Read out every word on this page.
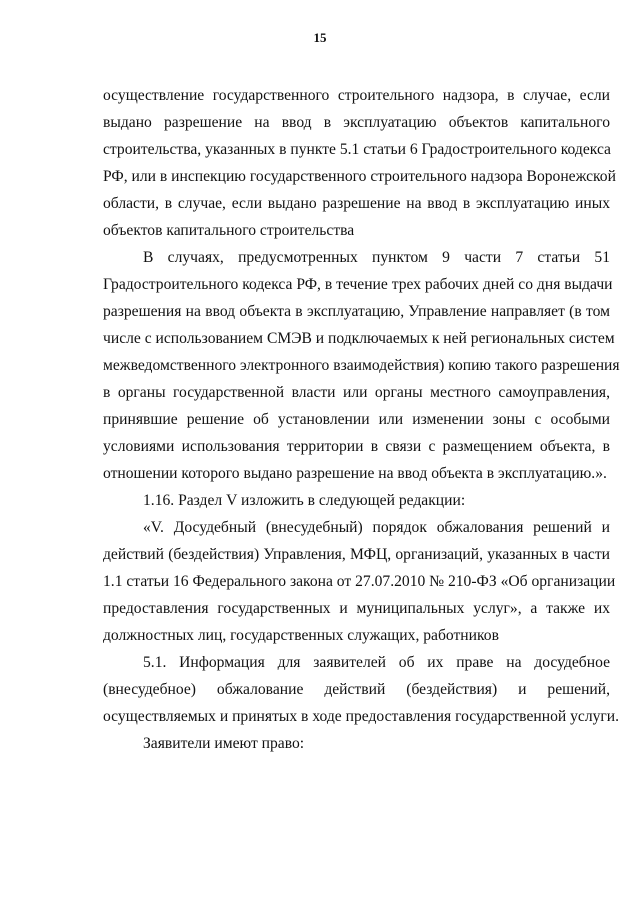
15
осуществление государственного строительного надзора, в случае, если
выдано разрешение на ввод в эксплуатацию объектов капитального
строительства, указанных в пункте 5.1 статьи 6 Градостроительного кодекса
РФ, или в инспекцию государственного строительного надзора Воронежской
области, в случае, если выдано разрешение на ввод в эксплуатацию иных
объектов капитального строительства
В случаях, предусмотренных пунктом 9 части 7 статьи 51
Градостроительного кодекса РФ, в течение трех рабочих дней со дня выдачи
разрешения на ввод объекта в эксплуатацию, Управление направляет (в том
числе с использованием СМЭВ и подключаемых к ней региональных систем
межведомственного электронного взаимодействия) копию такого разрешения
в органы государственной власти или органы местного самоуправления,
принявшие решение об установлении или изменении зоны с особыми
условиями использования территории в связи с размещением объекта, в
отношении которого выдано разрешение на ввод объекта в эксплуатацию.».
1.16. Раздел V изложить в следующей редакции:
«V. Досудебный (внесудебный) порядок обжалования решений и
действий (бездействия) Управления, МФЦ, организаций, указанных в части
1.1 статьи 16 Федерального закона от 27.07.2010 № 210-ФЗ «Об организации
предоставления государственных и муниципальных услуг», а также их
должностных лиц, государственных служащих, работников
5.1. Информация для заявителей об их праве на досудебное
(внесудебное) обжалование действий (бездействия) и решений,
осуществляемых и принятых в ходе предоставления государственной услуги.
Заявители имеют право:
